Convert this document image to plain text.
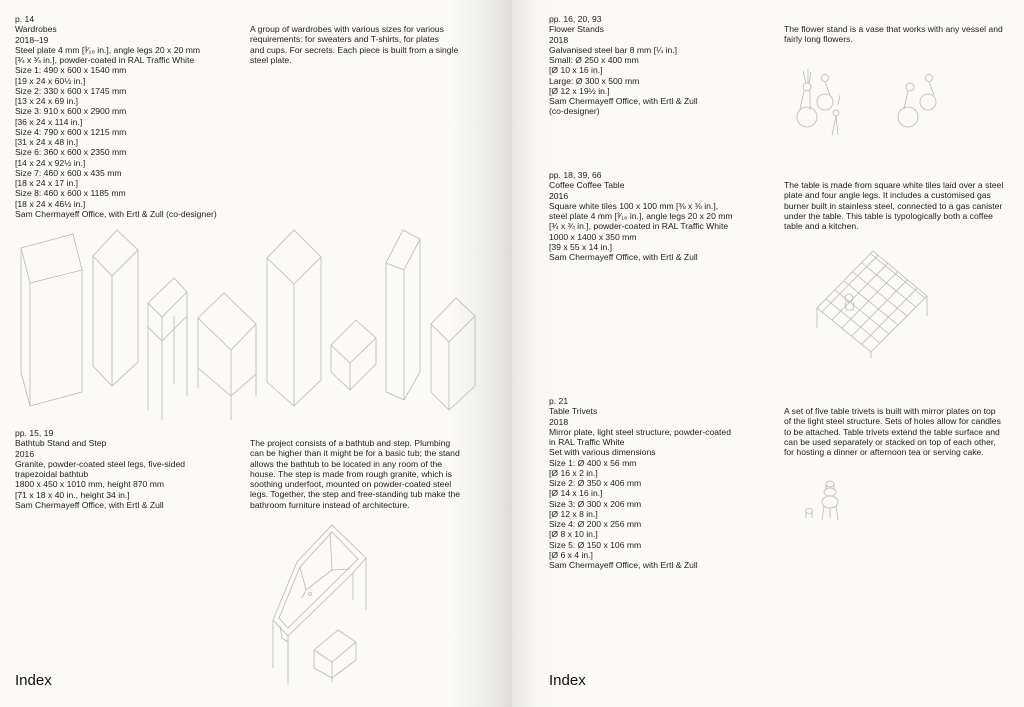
p. 14
Wardrobes
2018–19
Steel plate 4 mm [³⁄₁₆ in.], angle legs 20 x 20 mm
[¾ x ¾ in.], powder-coated in RAL Traffic White
Size 1: 490 x 600 x 1540 mm
[19 x 24 x 60½ in.]
Size 2: 330 x 600 x 1745 mm
[13 x 24 x 69 in.]
Size 3: 910 x 600 x 2900 mm
[36 x 24 x 114 in.]
Size 4: 790 x 600 x 1215 mm
[31 x 24 x 48 in.]
Size 6: 360 x 600 x 2350 mm
[14 x 24 x 92½ in.]
Size 7: 460 x 600 x 435 mm
[18 x 24 x 17 in.]
Size 8: 460 x 600 x 1185 mm
[18 x 24 x 46½ in.]
Sam Chermayeff Office, with Ertl & Zull (co-designer)
A group of wardrobes with various sizes for various
requirements: for sweaters and T-shirts, for plates
and cups. For secrets. Each piece is built from a single
steel plate.
pp. 15, 19
Bathtub Stand and Step
2016
Granite, powder-coated steel legs, five-sided
trapezoidal bathtub
1800 x 450 x 1010 mm, height 870 mm
[71 x 18 x 40 in., height 34 in.]
Sam Chermayeff Office, with Ertl & Zull
The project consists of a bathtub and step. Plumbing
can be higher than it might be for a basic tub; the stand
allows the bathtub to be located in any room of the
house. The step is made from rough granite, which is
soothing underfoot, mounted on powder-coated steel
legs. Together, the step and free-standing tub make the
bathroom furniture instead of architecture.
Index
pp. 16, 20, 93
Flower Stands
2018
Galvanised steel bar 8 mm [¼ in.]
Small: Ø 250 x 400 mm
[Ø 10 x 16 in.]
Large: Ø 300 x 500 mm
[Ø 12 x 19½ in.]
Sam Chermayeff Office, with Ertl & Zull
(co-designer)
The flower stand is a vase that works with any vessel and
fairly long flowers.
pp. 18, 39, 66
Coffee Coffee Table
2016
Square white tiles 100 x 100 mm [⅜ x ⅜ in.],
steel plate 4 mm [³⁄₁₆ in.], angle legs 20 x 20 mm
[¾ x ¾ in.], powder-coated in RAL Traffic White
1000 x 1400 x 350 mm
[39 x 55 x 14 in.]
Sam Chermayeff Office, with Ertl & Zull
The table is made from square white tiles laid over a steel
plate and four angle legs. It includes a customised gas
burner built in stainless steel, connected to a gas canister
under the table. This table is typologically both a coffee
table and a kitchen.
p. 21
Table Trivets
2018
Mirror plate, light steel structure, powder-coated
in RAL Traffic White
Set with various dimensions
Size 1: Ø 400 x 56 mm
[Ø 16 x 2 in.]
Size 2: Ø 350 x 406 mm
[Ø 14 x 16 in.]
Size 3: Ø 300 x 206 mm
[Ø 12 x 8 in.]
Size 4: Ø 200 x 256 mm
[Ø 8 x 10 in.]
Size 5: Ø 150 x 106 mm
[Ø 6 x 4 in.]
Sam Chermayeff Office, with Ertl & Zull
A set of five table trivets is built with mirror plates on top
of the light steel structure. Sets of holes allow for candles
to be attached. Table trivets extend the table surface and
can be used separately or stacked on top of each other,
for hosting a dinner or afternoon tea or serving cake.
Index
